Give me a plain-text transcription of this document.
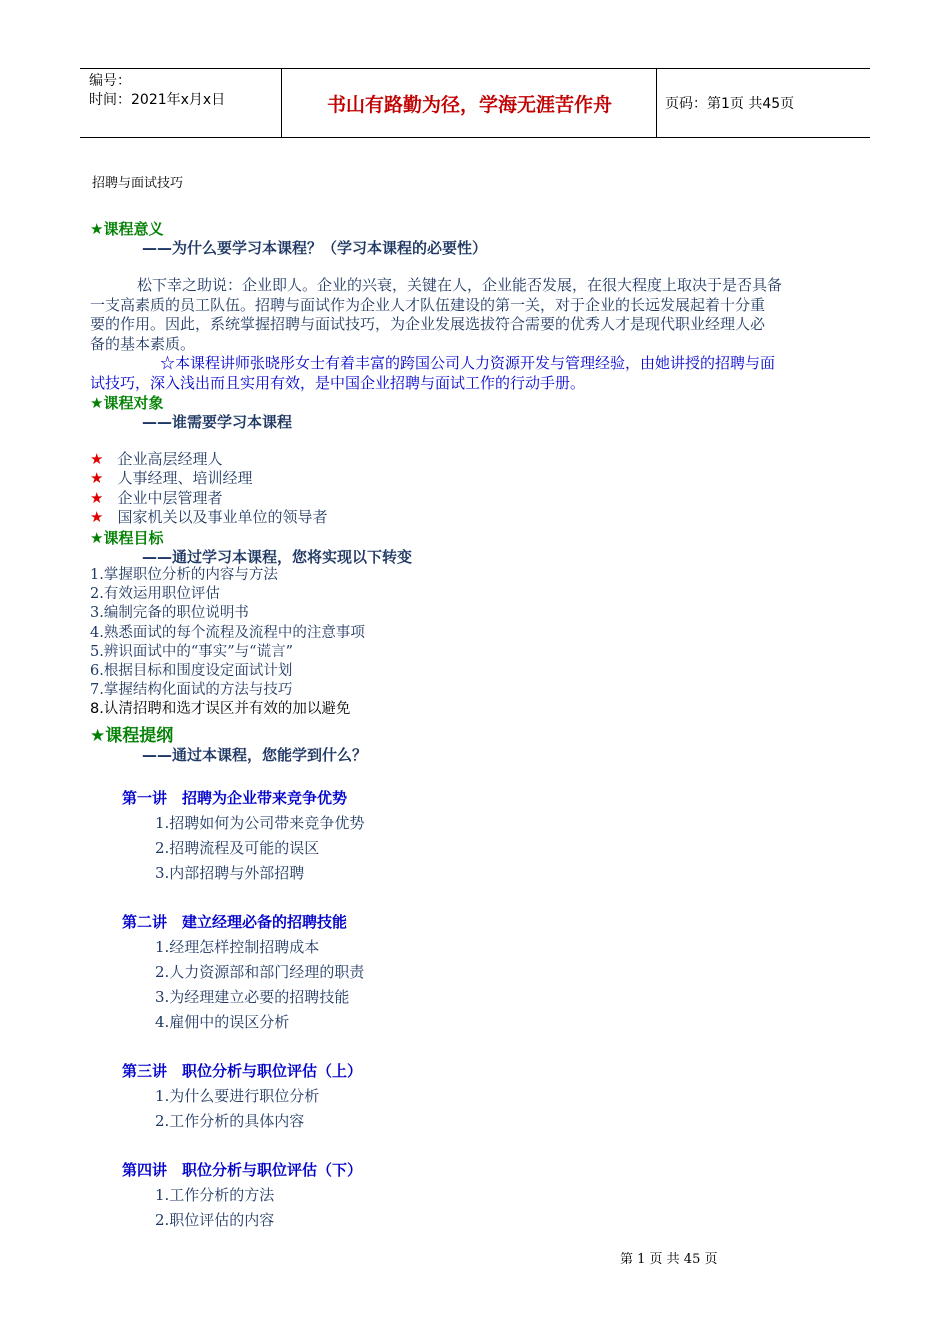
编号：
时间：2021年x月x日	书山有路勤为径，学海无涯苦作舟	页码：第1页 共45页
招聘与面试技巧
★课程意义
——为什么要学习本课程？（学习本课程的必要性）
松下幸之助说：企业即人。企业的兴衰，关键在人，企业能否发展，在很大程度上取决于是否具备
一支高素质的员工队伍。招聘与面试作为企业人才队伍建设的第一关，对于企业的长远发展起着十分重
要的作用。因此，系统掌握招聘与面试技巧，为企业发展选拔符合需要的优秀人才是现代职业经理人必
备的基本素质。
☆本课程讲师张晓彤女士有着丰富的跨国公司人力资源开发与管理经验，由她讲授的招聘与面
试技巧，深入浅出而且实用有效，是中国企业招聘与面试工作的行动手册。
★课程对象
——谁需要学习本课程
★ 企业高层经理人
★ 人事经理、培训经理
★ 企业中层管理者
★ 国家机关以及事业单位的领导者
★课程目标
——通过学习本课程，您将实现以下转变
1.掌握职位分析的内容与方法
2.有效运用职位评估
3.编制完备的职位说明书
4.熟悉面试的每个流程及流程中的注意事项
5.辨识面试中的“事实”与“谎言”
6.根据目标和围度设定面试计划
7.掌握结构化面试的方法与技巧
8.认清招聘和选才误区并有效的加以避免
★课程提纲
——通过本课程，您能学到什么？
第一讲　招聘为企业带来竞争优势
1.招聘如何为公司带来竞争优势
2.招聘流程及可能的误区
3.内部招聘与外部招聘
第二讲　建立经理必备的招聘技能
1.经理怎样控制招聘成本
2.人力资源部和部门经理的职责
3.为经理建立必要的招聘技能
4.雇佣中的误区分析
第三讲　职位分析与职位评估（上）
1.为什么要进行职位分析
2.工作分析的具体内容
第四讲　职位分析与职位评估（下）
1.工作分析的方法
2.职位评估的内容
第 1 页 共 45 页
